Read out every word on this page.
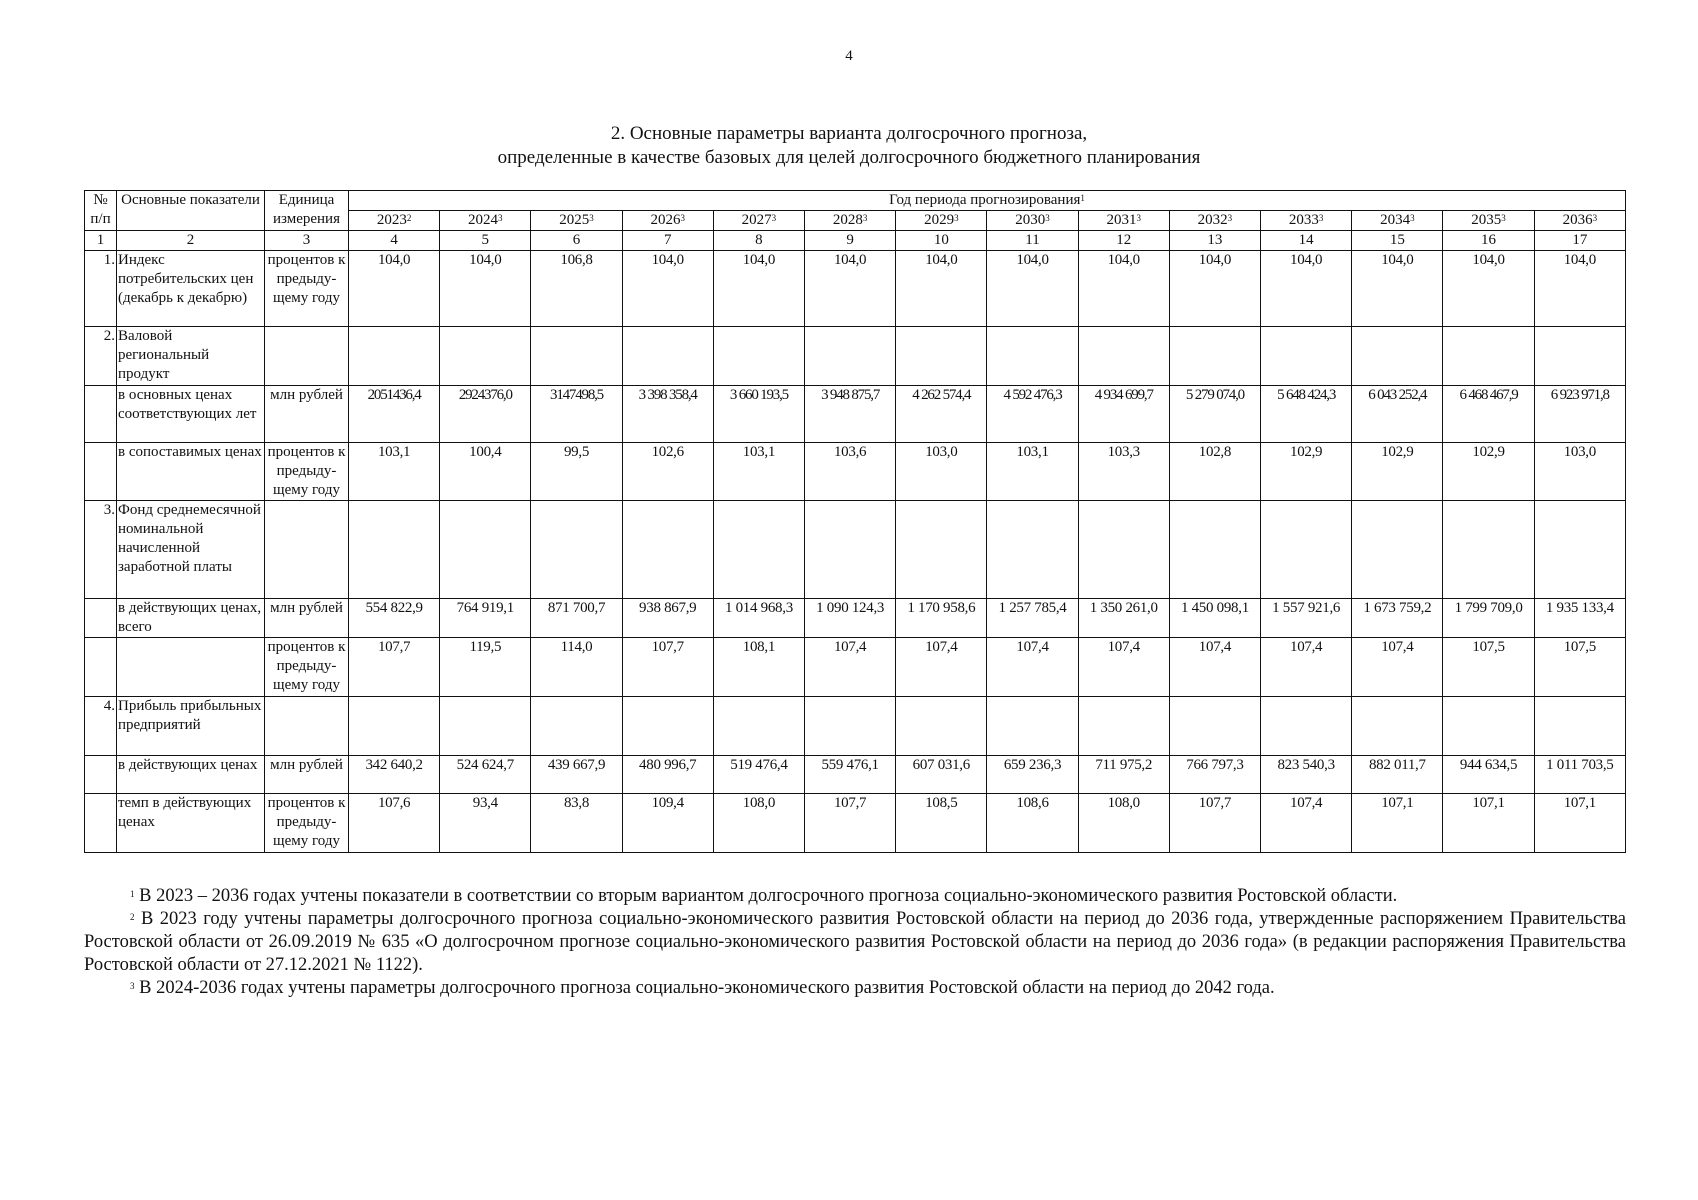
4
2. Основные параметры варианта долгосрочного прогноза,
определенные в качестве базовых для целей долгосрочного бюджетного планирования
№ п/п	Основные показатели	Единица измерения	Год периода прогнозирования$^1$
			2023$^2$	2024$^3$	2025$^3$	2026$^3$	2027$^3$	2028$^3$	2029$^3$	2030$^3$	2031$^3$	2032$^3$	2033$^3$	2034$^3$	2035$^3$	2036$^3$
1	2	3	4	5	6	7	8	9	10	11	12	13	14	15	16	17
1.	Индекс потребительских цен (декабрь к декабрю)	процентов к предыду-щему году	104,0	104,0	106,8	104,0	104,0	104,0	104,0	104,0	104,0	104,0	104,0	104,0	104,0	104,0
2.	Валовой региональный продукт															
	в основных ценах соответствующих лет	млн рублей	2051436,4	2924376,0	3147498,5	3 398 358,4	3 660 193,5	3 948 875,7	4 262 574,4	4 592 476,3	4 934 699,7	5 279 074,0	5 648 424,3	6 043 252,4	6 468 467,9	6 923 971,8
	в сопоставимых ценах	процентов к предыду-щему году	103,1	100,4	99,5	102,6	103,1	103,6	103,0	103,1	103,3	102,8	102,9	102,9	102,9	103,0
3.	Фонд среднемесячной номинальной начисленной заработной платы															
	в действующих ценах, всего	млн рублей	554 822,9	764 919,1	871 700,7	938 867,9	1 014 968,3	1 090 124,3	1 170 958,6	1 257 785,4	1 350 261,0	1 450 098,1	1 557 921,6	1 673 759,2	1 799 709,0	1 935 133,4
		процентов к предыду-щему году	107,7	119,5	114,0	107,7	108,1	107,4	107,4	107,4	107,4	107,4	107,4	107,4	107,5	107,5
4.	Прибыль прибыльных предприятий															
	в действующих ценах	млн рублей	342 640,2	524 624,7	439 667,9	480 996,7	519 476,4	559 476,1	607 031,6	659 236,3	711 975,2	766 797,3	823 540,3	882 011,7	944 634,5	1 011 703,5
	темп в действующих ценах	процентов к предыду-щему году	107,6	93,4	83,8	109,4	108,0	107,7	108,5	108,6	108,0	107,7	107,4	107,1	107,1	107,1

$^1$ В 2023 – 2036 годах учтены показатели в соответствии со вторым вариантом долгосрочного прогноза социально-экономического развития Ростовской области.

$^2$ В 2023 году учтены параметры долгосрочного прогноза социально-экономического развития Ростовской области на период до 2036 года, утвержденные распоряжением Правительства Ростовской области от 26.09.2019 № 635 «О долгосрочном прогнозе социально-экономического развития Ростовской области на период до 2036 года» (в редакции распоряжения Правительства Ростовской области от 27.12.2021 № 1122).

$^3$ В 2024-2036 годах учтены параметры долгосрочного прогноза социально-экономического развития Ростовской области на период до 2042 года.
